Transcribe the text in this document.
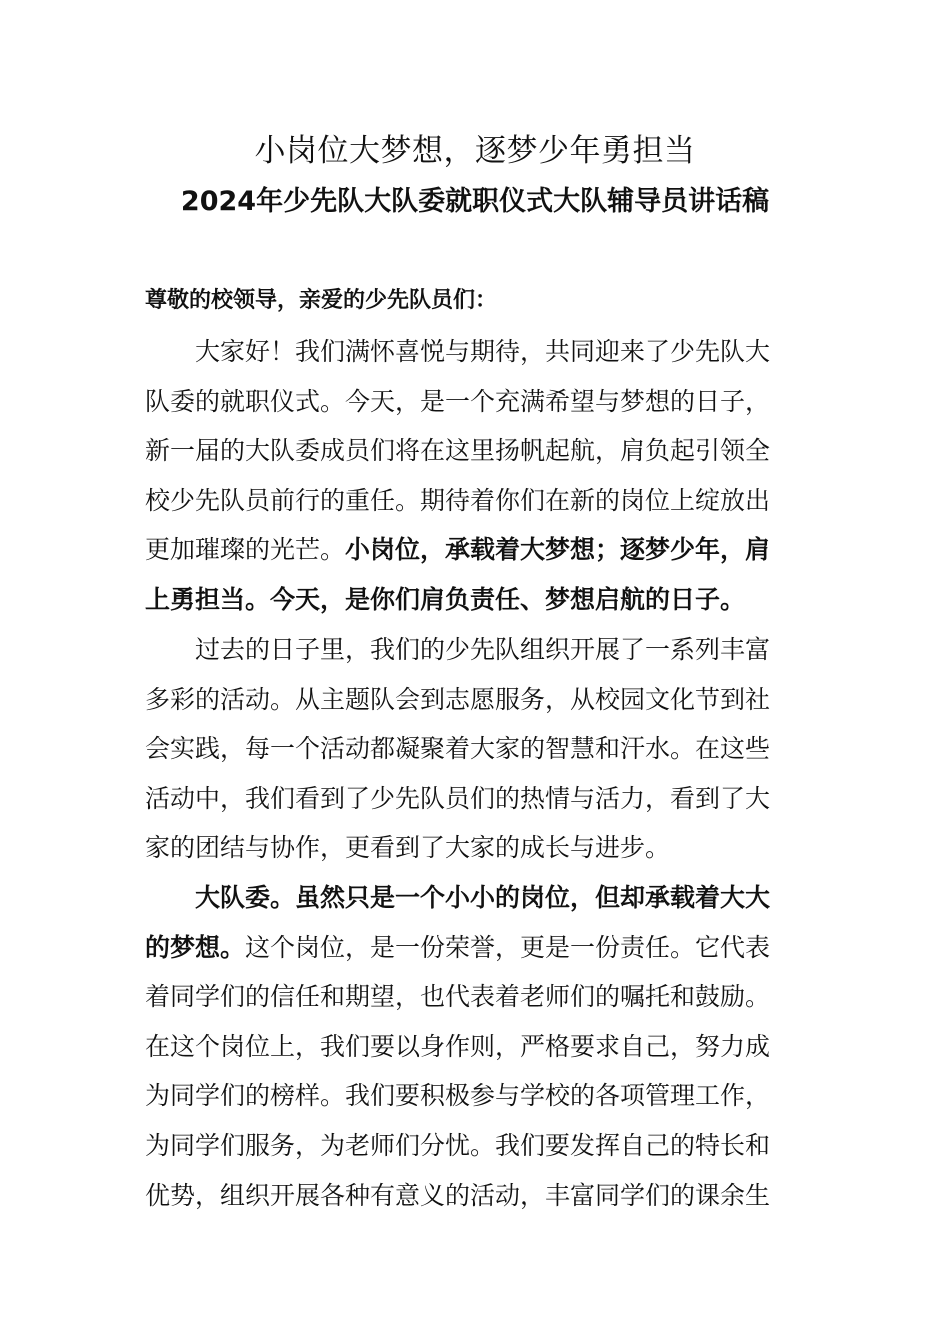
小岗位大梦想，逐梦少年勇担当
2024年少先队大队委就职仪式大队辅导员讲话稿
尊敬的校领导，亲爱的少先队员们：
大家好！我们满怀喜悦与期待，共同迎来了少先队大
队委的就职仪式。今天，是一个充满希望与梦想的日子，
新一届的大队委成员们将在这里扬帆起航，肩负起引领全
校少先队员前行的重任。期待着你们在新的岗位上绽放出
更加璀璨的光芒。小岗位，承载着大梦想；逐梦少年，肩
上勇担当。今天，是你们肩负责任、梦想启航的日子。
过去的日子里，我们的少先队组织开展了一系列丰富
多彩的活动。从主题队会到志愿服务，从校园文化节到社
会实践，每一个活动都凝聚着大家的智慧和汗水。在这些
活动中，我们看到了少先队员们的热情与活力，看到了大
家的团结与协作，更看到了大家的成长与进步。
大队委。虽然只是一个小小的岗位，但却承载着大大
的梦想。这个岗位，是一份荣誉，更是一份责任。它代表
着同学们的信任和期望，也代表着老师们的嘱托和鼓励。
在这个岗位上，我们要以身作则，严格要求自己，努力成
为同学们的榜样。我们要积极参与学校的各项管理工作，
为同学们服务，为老师们分忧。我们要发挥自己的特长和
优势，组织开展各种有意义的活动，丰富同学们的课余生
